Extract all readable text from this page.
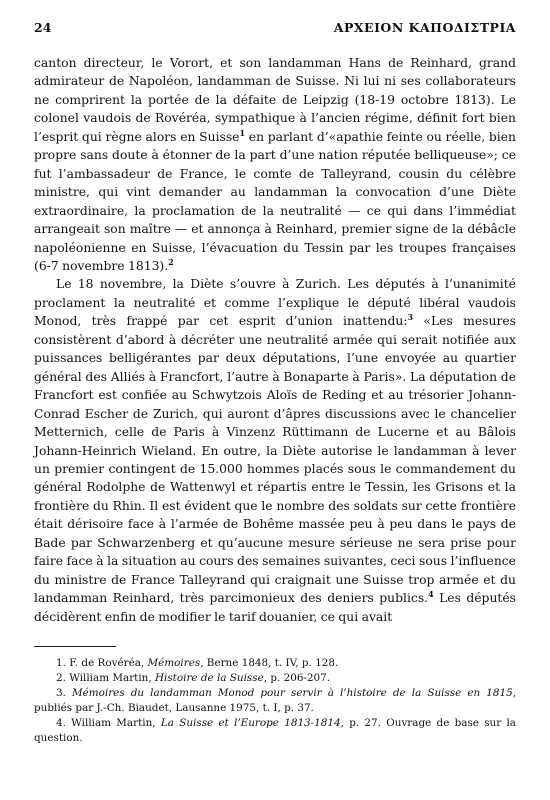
24	ΑΡΧΕΙΟΝ ΚΑΠΟΔΙΣΤΡΙΑ

canton directeur, le Vorort, et son landamman Hans de Reinhard, grand admirateur de Napoléon, landamman de Suisse. Ni lui ni ses collaborateurs ne comprirent la portée de la défaite de Leipzig (18-19 octobre 1813). Le colonel vaudois de Rovéréa, sympathique à l’ancien régime, définit fort bien l’esprit qui règne alors en Suisse$^1$ en parlant d’«apathie feinte ou réelle, bien propre sans doute à étonner de la part d’une nation réputée belliqueuse»; ce fut l’ambassadeur de France, le comte de Talleyrand, cousin du célèbre ministre, qui vint demander au landamman la convocation d’une Diète extraordinaire, la proclamation de la neutralité — ce qui dans l’immédiat arrangeait son maître — et annonça à Reinhard, premier signe de la débâcle napoléonienne en Suisse, l’évacuation du Tessin par les troupes françaises (6-7 novembre 1813).$^2$

Le 18 novembre, la Diète s’ouvre à Zurich. Les députés à l’unanimité proclament la neutralité et comme l’explique le député libéral vaudois Monod, très frappé par cet esprit d’union inattendu:$^3$ «Les mesures consistèrent d’abord à décréter une neutralité armée qui serait notifiée aux puissances belligérantes par deux députations, l’une envoyée au quartier général des Alliés à Francfort, l’autre à Bonaparte à Paris». La députation de Francfort est confiée au Schwytzois Aloïs de Reding et au trésorier Johann-Conrad Escher de Zurich, qui auront d’âpres discussions avec le chancelier Metternich, celle de Paris à Vinzenz Rüttimann de Lucerne et au Bâlois Johann-Heinrich Wieland. En outre, la Diète autorise le landamman à lever un premier contingent de 15.000 hommes placés sous le commandement du général Rodolphe de Wattenwyl et répartis entre le Tessin, les Grisons et la frontière du Rhin. Il est évident que le nombre des soldats sur cette frontière était dérisoire face à l’armée de Bohême massée peu à peu dans le pays de Bade par Schwarzenberg et qu’aucune mesure sérieuse ne sera prise pour faire face à la situation au cours des semaines suivantes, ceci sous l’influence du ministre de France Talleyrand qui craignait une Suisse trop armée et du landamman Reinhard, très parcimonieux des deniers publics.$^4$ Les députés décidèrent enfin de modifier le tarif douanier, ce qui avait

1. F. de Rovéréa, Mémoires, Berne 1848, t. IV, p. 128.

2. William Martin, Histoire de la Suisse, p. 206-207.

3. Mémoires du landamman Monod pour servir à l’histoire de la Suisse en 1815, publiés par J.-Ch. Biaudet, Lausanne 1975, t. I, p. 37.

4. William Martin, La Suisse et l’Europe 1813-1814, p. 27. Ouvrage de base sur la question.
